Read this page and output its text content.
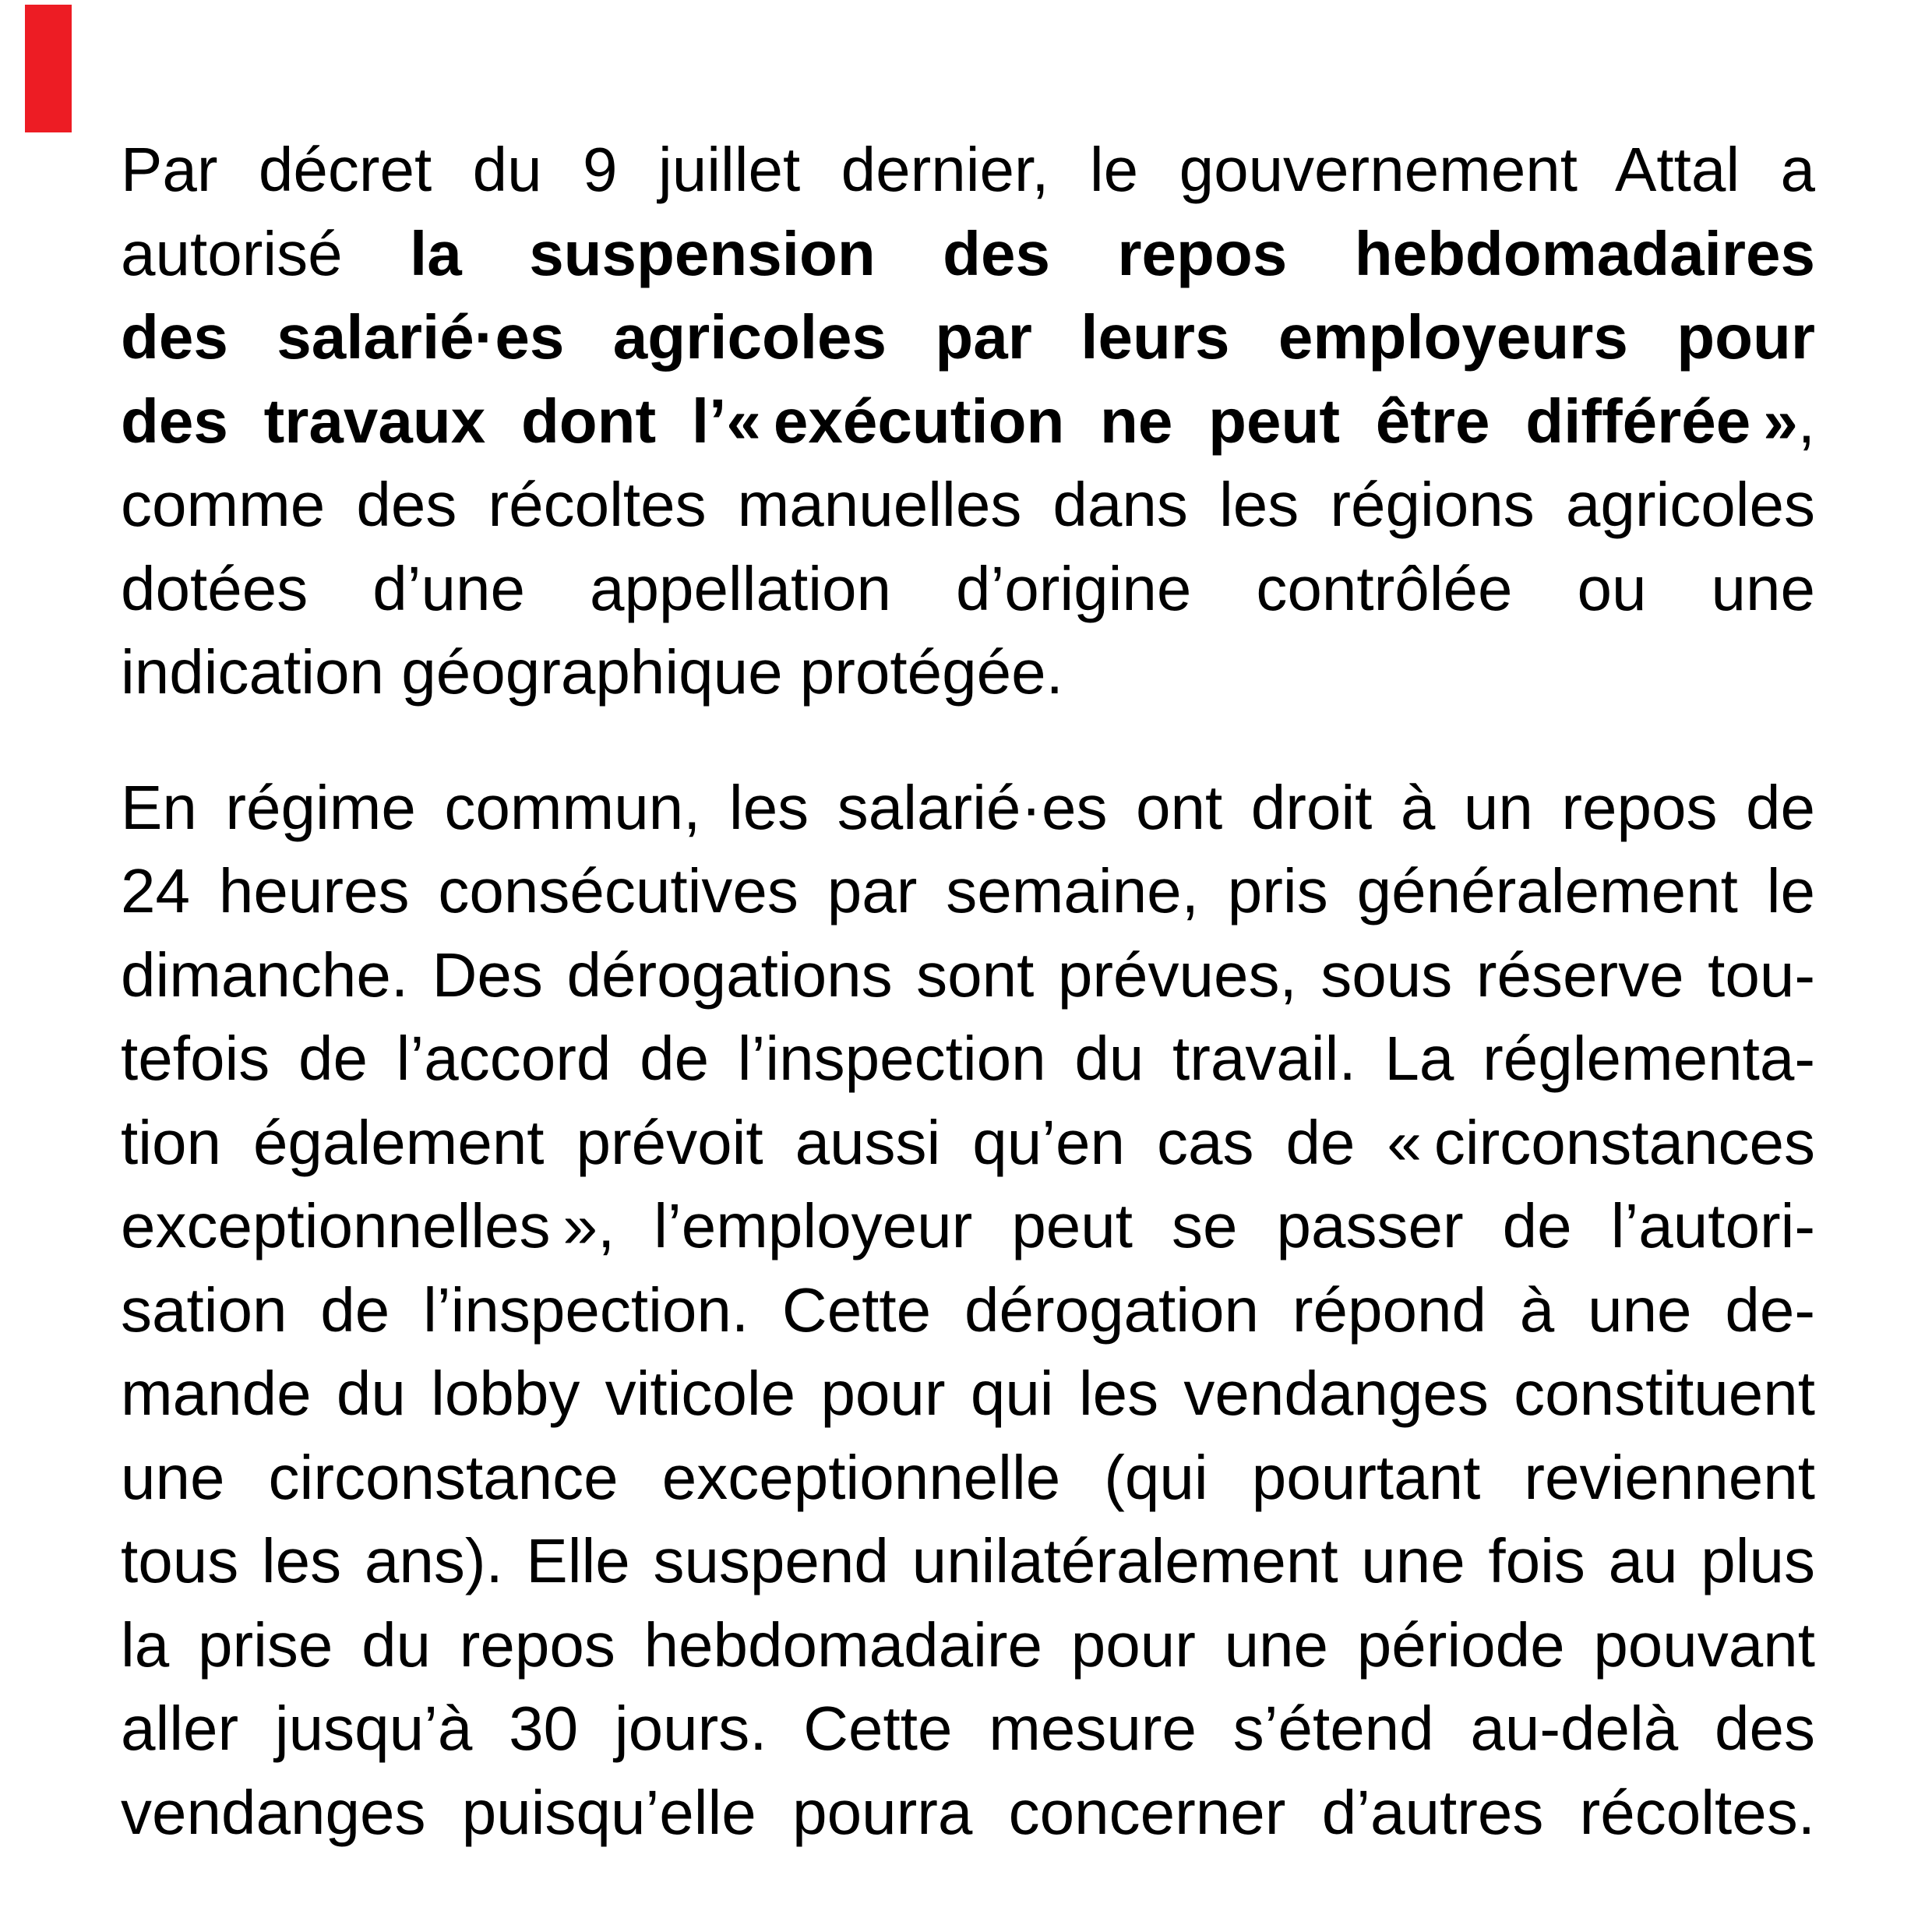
Par décret du 9 juillet dernier, le gouvernement Attal a
autorisé la suspension des repos hebdomadaires
des salarié·es agricoles par leurs employeurs pour
des travaux dont l’« exécution ne peut être différée »,
comme des récoltes manuelles dans les régions agricoles
dotées d’une appellation d’origine contrôlée ou une
indication géographique protégée.
En régime commun, les salarié·es ont droit à un repos de
24 heures consécutives par semaine, pris généralement le
dimanche. Des dérogations sont prévues, sous réserve tou-
tefois de l’accord de l’inspection du travail. La réglementa-
tion également prévoit aussi qu’en cas de « circonstances
exceptionnelles », l’employeur peut se passer de l’autori-
sation de l’inspection. Cette dérogation répond à une de-
mande du lobby viticole pour qui les vendanges constituent
une circonstance exceptionnelle (qui pourtant reviennent
tous les ans). Elle suspend unilatéralement une fois au plus
la prise du repos hebdomadaire pour une période pouvant
aller jusqu’à 30 jours. Cette mesure s’étend au-delà des
vendanges puisqu’elle pourra concerner d’autres récoltes.
